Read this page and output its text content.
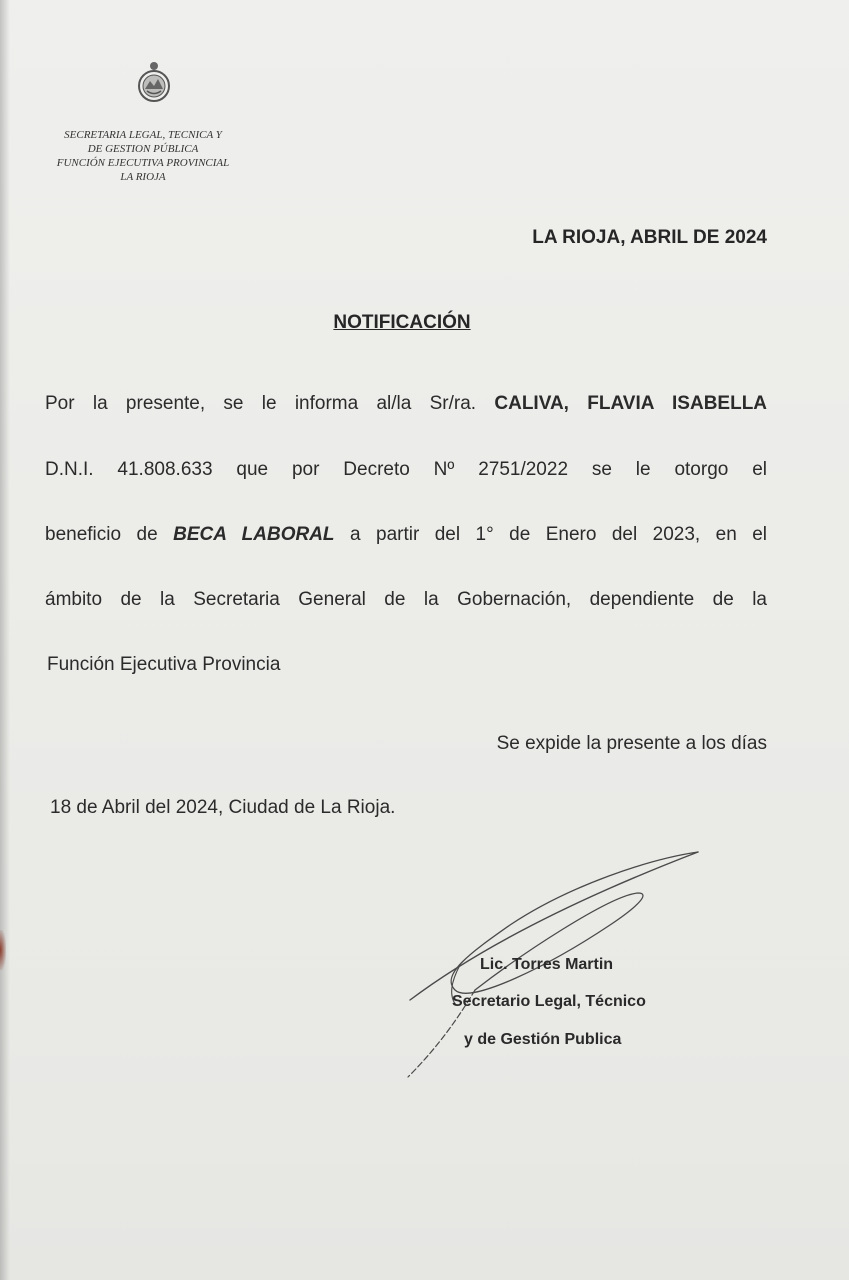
SECRETARIA LEGAL, TECNICA Y
DE GESTION PÚBLICA
FUNCIÓN EJECUTIVA PROVINCIAL
LA RIOJA
LA RIOJA, ABRIL DE 2024
NOTIFICACIÓN
Por la presente, se le informa al/la Sr/ra. CALIVA, FLAVIA ISABELLA
D.N.I. 41.808.633 que por Decreto Nº 2751/2022 se le otorgo el
beneficio de BECA LABORAL a partir del 1° de Enero del 2023, en el
ámbito de la Secretaria General de la Gobernación, dependiente de la
Función Ejecutiva Provincia
Se expide la presente a los días
18 de Abril del 2024, Ciudad de La Rioja.
Lic. Torres Martin
Secretario Legal, Técnico
y de Gestión Publica
